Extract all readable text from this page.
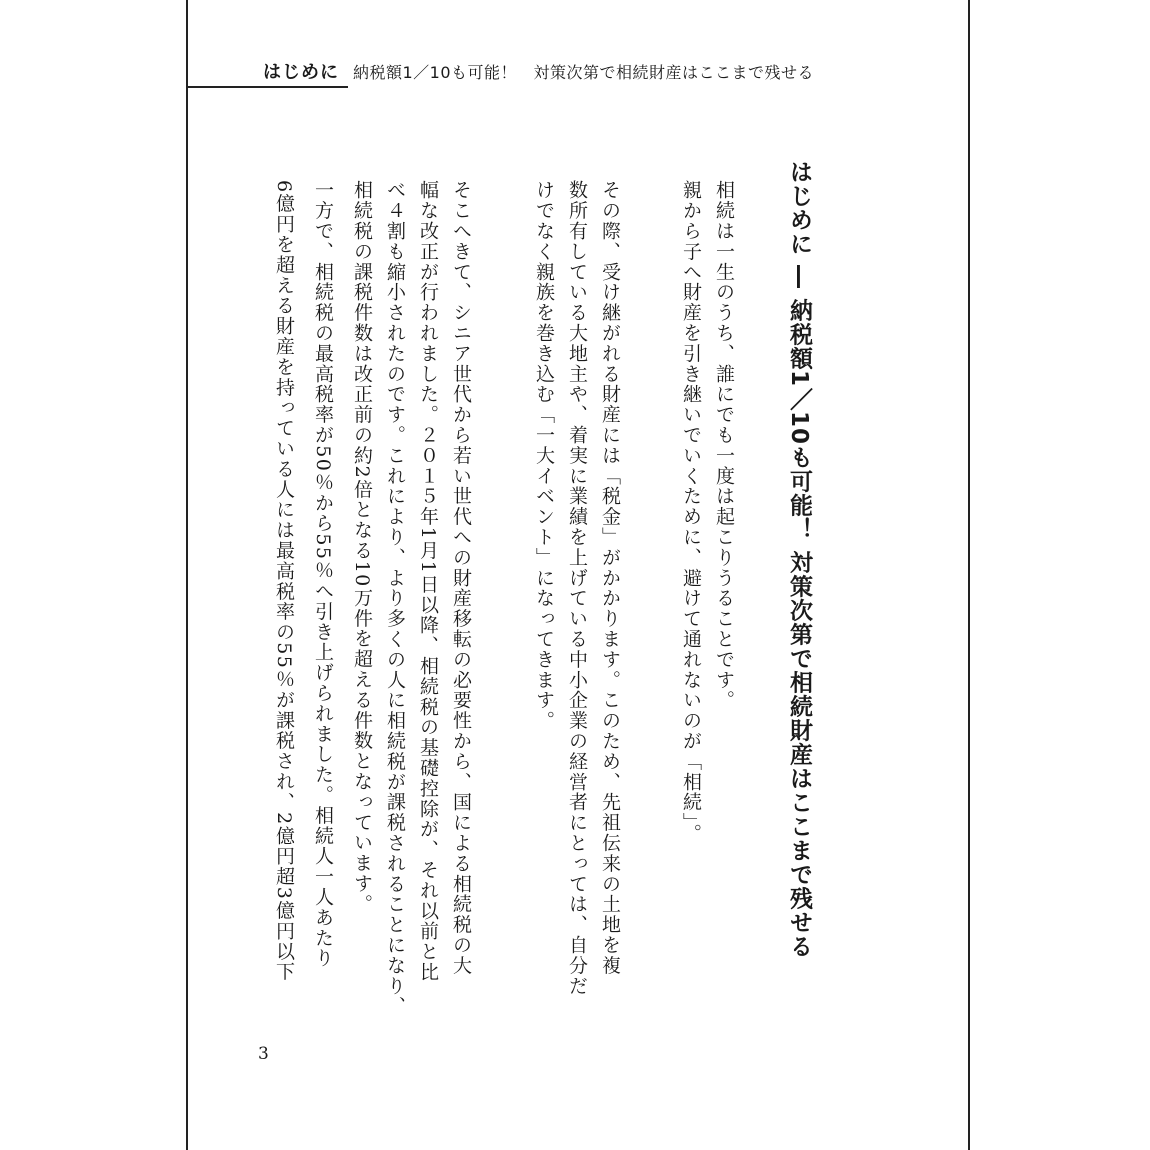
はじめに 納税額1／10も可能！　対策次第で相続財産はここまで残せる
はじめに ― 納税額1／10も可能！ 対策次第で相続財産はここまで残せる
相続は一生のうち、誰にでも一度は起こりうることです。
親から子へ財産を引き継いでいくために、避けて通れないのが「相続」。
その際、受け継がれる財産には「税金」がかかります。このため、先祖伝来の土地を複
数所有している大地主や、着実に業績を上げている中小企業の経営者にとっては、自分だ
けでなく親族を巻き込む「一大イベント」になってきます。
そこへきて、シニア世代から若い世代への財産移転の必要性から、国による相続税の大
幅な改正が行われました。２０１５年1月1日以降、相続税の基礎控除が、それ以前と比
べ４割も縮小されたのです。これにより、より多くの人に相続税が課税されることになり、
相続税の課税件数は改正前の約2倍となる10万件を超える件数となっています。
一方で、相続税の最高税率が50％から55％へ引き上げられました。相続人一人あたり
6億円を超える財産を持っている人には最高税率の55％が課税され、2億円超3億円以下
3
